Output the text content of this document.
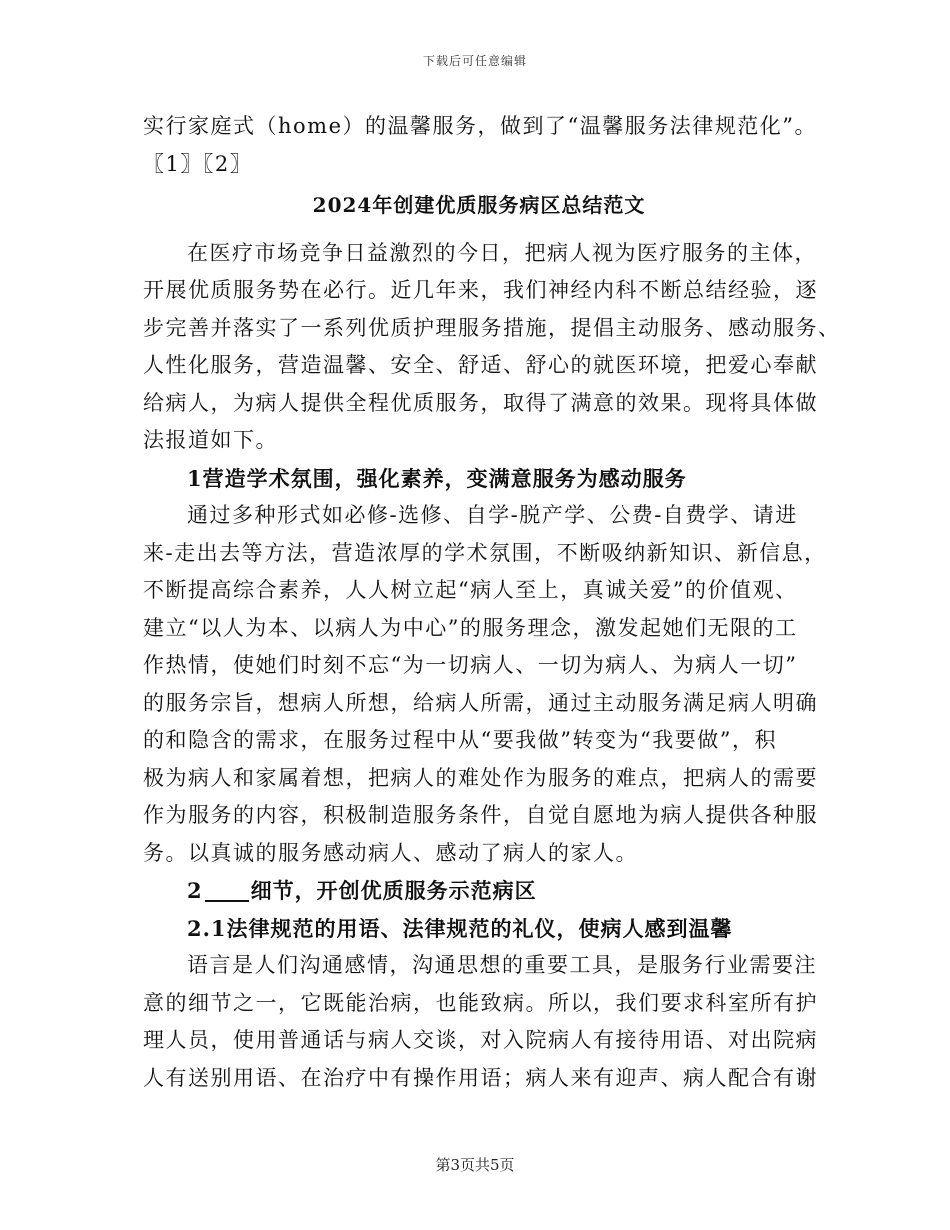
下载后可任意编辑
实行家庭式（home）的温馨服务，做到了“温馨服务法律规范化”。
〖1〗〖2〗
2024年创建优质服务病区总结范文
在医疗市场竞争日益激烈的今日，把病人视为医疗服务的主体，
开展优质服务势在必行。近几年来，我们神经内科不断总结经验，逐
步完善并落实了一系列优质护理服务措施，提倡主动服务、感动服务、
人性化服务，营造温馨、安全、舒适、舒心的就医环境，把爱心奉献
给病人，为病人提供全程优质服务，取得了满意的效果。现将具体做
法报道如下。
1营造学术氛围，强化素养，变满意服务为感动服务
通过多种形式如必修-选修、自学-脱产学、公费-自费学、请进
来-走出去等方法，营造浓厚的学术氛围，不断吸纳新知识、新信息，
不断提高综合素养，人人树立起“病人至上，真诚关爱”的价值观、
建立“以人为本、以病人为中心”的服务理念，激发起她们无限的工
作热情，使她们时刻不忘“为一切病人、一切为病人、为病人一切”
的服务宗旨，想病人所想，给病人所需，通过主动服务满足病人明确
的和隐含的需求，在服务过程中从“要我做”转变为“我要做”，积
极为病人和家属着想，把病人的难处作为服务的难点，把病人的需要
作为服务的内容，积极制造服务条件，自觉自愿地为病人提供各种服
务。以真诚的服务感动病人、感动了病人的家人。
2 细节，开创优质服务示范病区
2.1法律规范的用语、法律规范的礼仪，使病人感到温馨
语言是人们沟通感情，沟通思想的重要工具，是服务行业需要注
意的细节之一，它既能治病，也能致病。所以，我们要求科室所有护
理人员，使用普通话与病人交谈，对入院病人有接待用语、对出院病
人有送别用语、在治疗中有操作用语；病人来有迎声、病人配合有谢
第3页共5页
